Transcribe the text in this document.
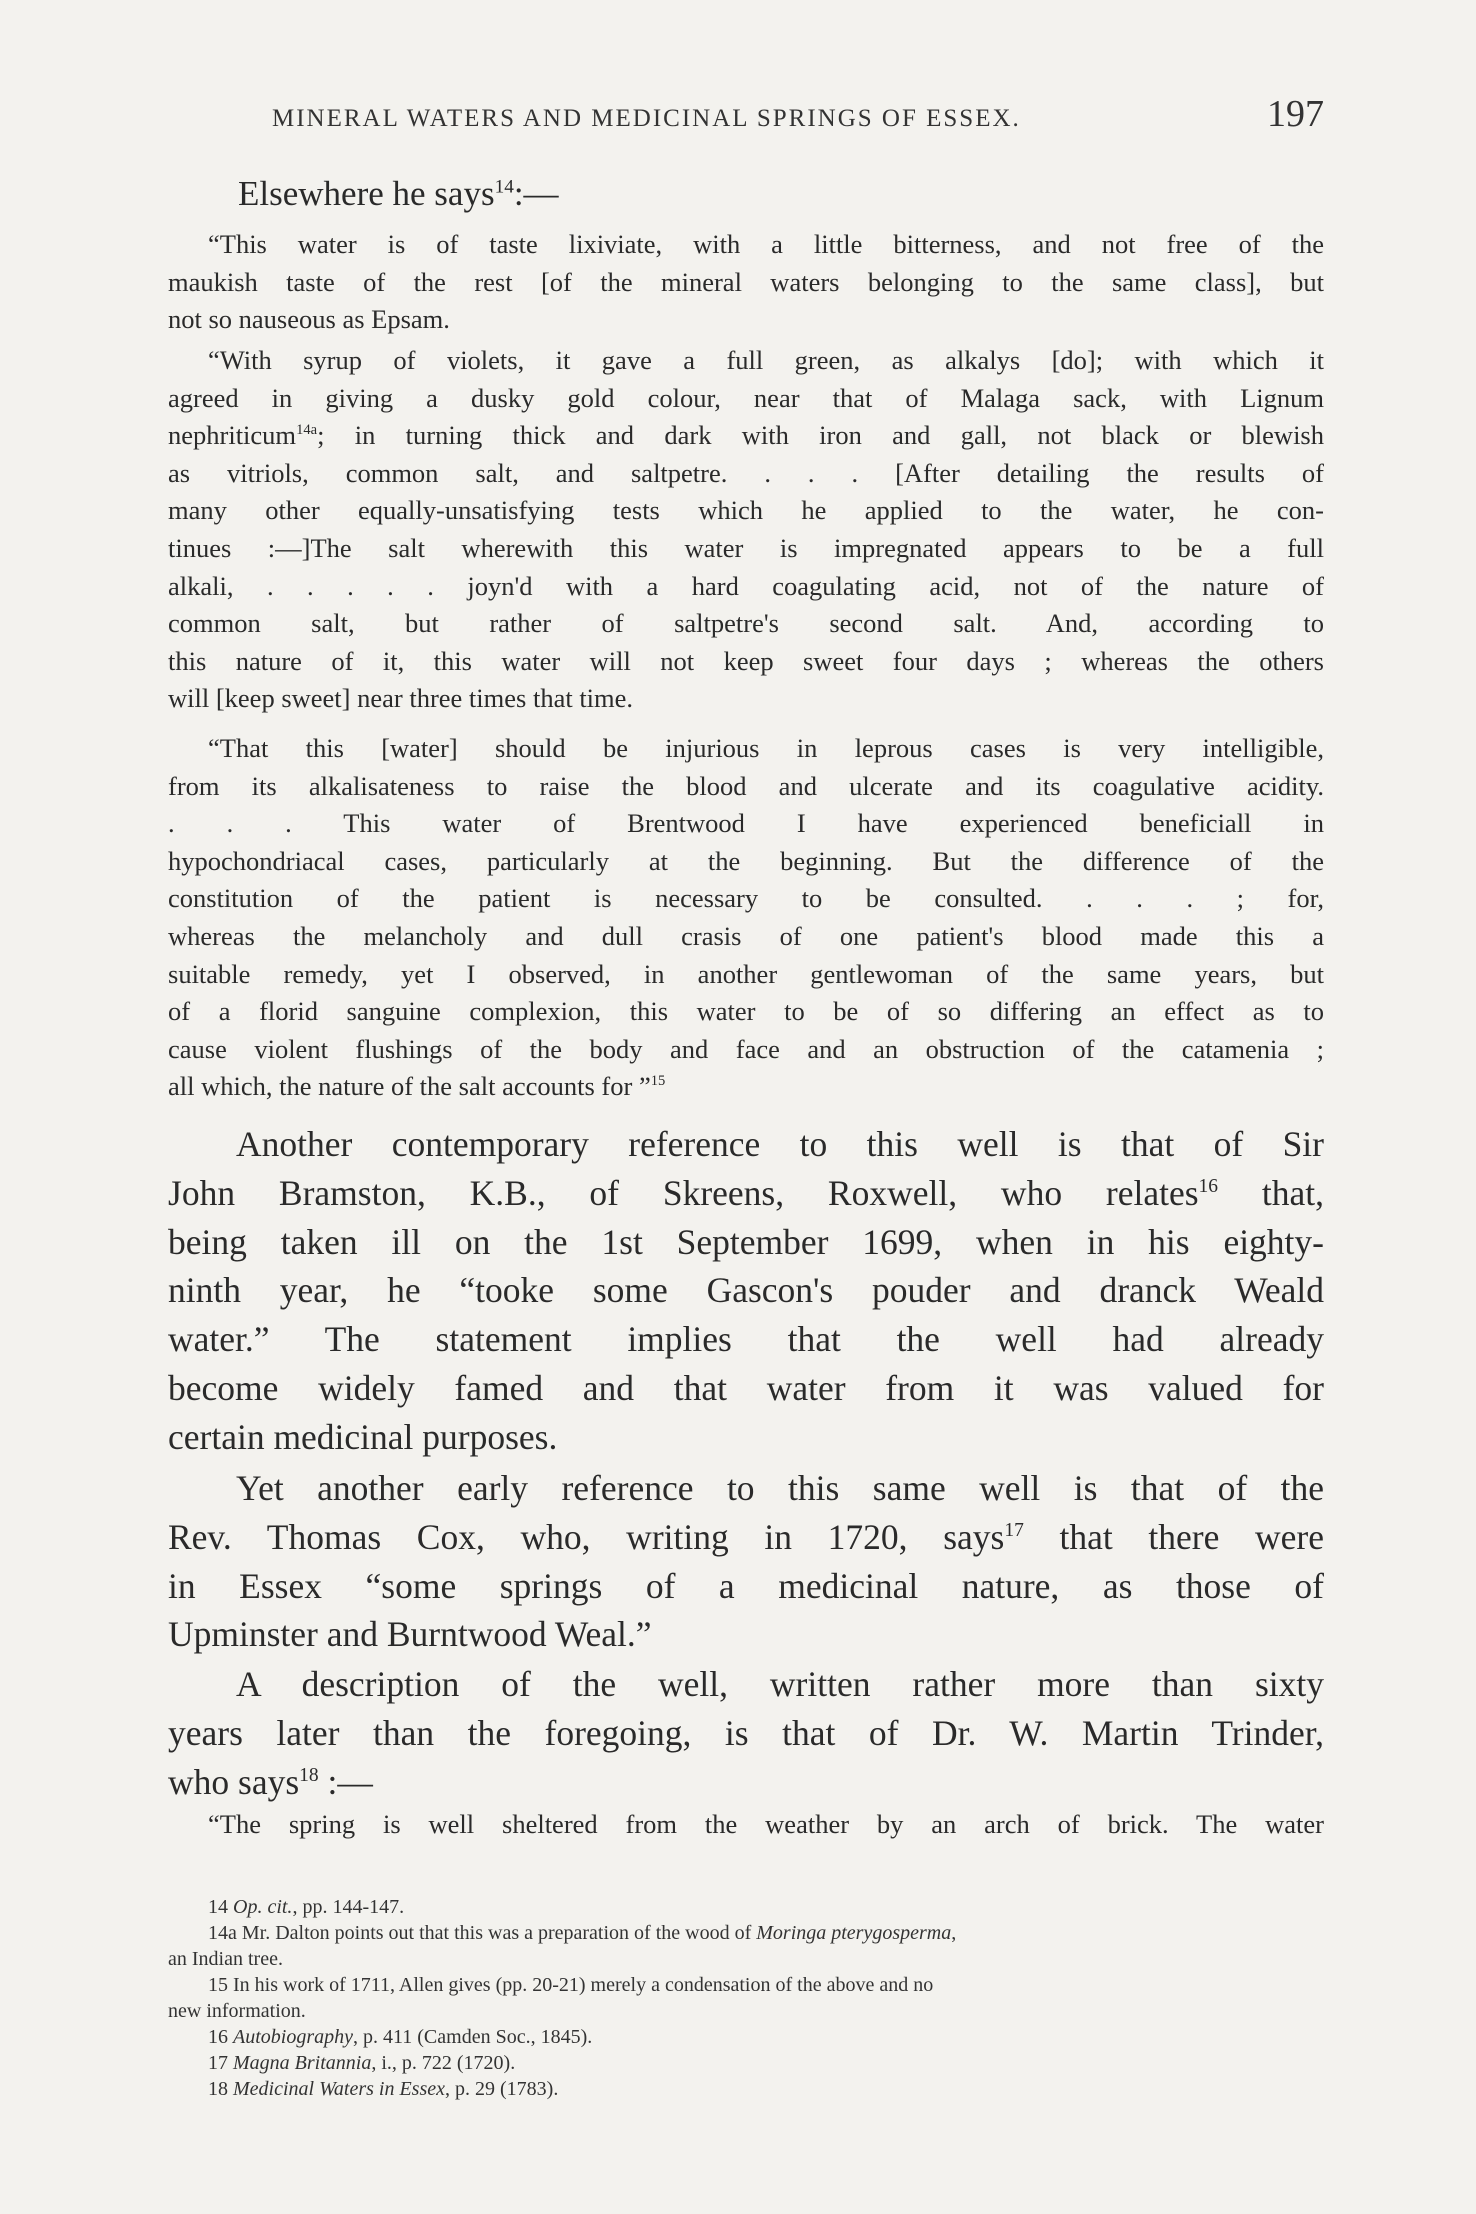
MINERAL WATERS AND MEDICINAL SPRINGS OF ESSEX.	197

Elsewhere he says$^{14}$:—

“This water is of taste lixiviate, with a little bitterness, and not free of the

maukish taste of the rest [of the mineral waters belonging to the same class], but

not so nauseous as Epsam.

“With syrup of violets, it gave a full green, as alkalys [do]; with which it

agreed in giving a dusky gold colour, near that of Malaga sack, with Lignum

nephriticum$^{14a}$; in turning thick and dark with iron and gall, not black or blewish

as vitriols, common salt, and saltpetre. . . . [After detailing the results of

many other equally-unsatisfying tests which he applied to the water, he con-

tinues :—]The salt wherewith this water is impregnated appears to be a full

alkali, . . . . . joyn'd with a hard coagulating acid, not of the nature of

common salt, but rather of saltpetre's second salt. And, according to

this nature of it, this water will not keep sweet four days ; whereas the others

will [keep sweet] near three times that time.

“That this [water] should be injurious in leprous cases is very intelligible,

from its alkalisateness to raise the blood and ulcerate and its coagulative acidity.

. . . This water of Brentwood I have experienced beneficiall in

hypochondriacal cases, particularly at the beginning. But the difference of the

constitution of the patient is necessary to be consulted. . . . ; for,

whereas the melancholy and dull crasis of one patient's blood made this a

suitable remedy, yet I observed, in another gentlewoman of the same years, but

of a florid sanguine complexion, this water to be of so differing an effect as to

cause violent flushings of the body and face and an obstruction of the catamenia ;

all which, the nature of the salt accounts for ”$^{15}$

Another contemporary reference to this well is that of Sir

John Bramston, K.B., of Skreens, Roxwell, who relates$^{16}$ that,

being taken ill on the 1st September 1699, when in his eighty-

ninth year, he “tooke some Gascon's pouder and dranck Weald

water.” The statement implies that the well had already

become widely famed and that water from it was valued for

certain medicinal purposes.

Yet another early reference to this same well is that of the

Rev. Thomas Cox, who, writing in 1720, says$^{17}$ that there were

in Essex “some springs of a medicinal nature, as those of

Upminster and Burntwood Weal.”

A description of the well, written rather more than sixty

years later than the foregoing, is that of Dr. W. Martin Trinder,

who says$^{18}$ :—

“The spring is well sheltered from the weather by an arch of brick. The water

14 Op. cit., pp. 144-147.

14a Mr. Dalton points out that this was a preparation of the wood of Moringa pterygosperma,

an Indian tree.

15 In his work of 1711, Allen gives (pp. 20-21) merely a condensation of the above and no

new information.

16 Autobiography, p. 411 (Camden Soc., 1845).

17 Magna Britannia, i., p. 722 (1720).

18 Medicinal Waters in Essex, p. 29 (1783).
